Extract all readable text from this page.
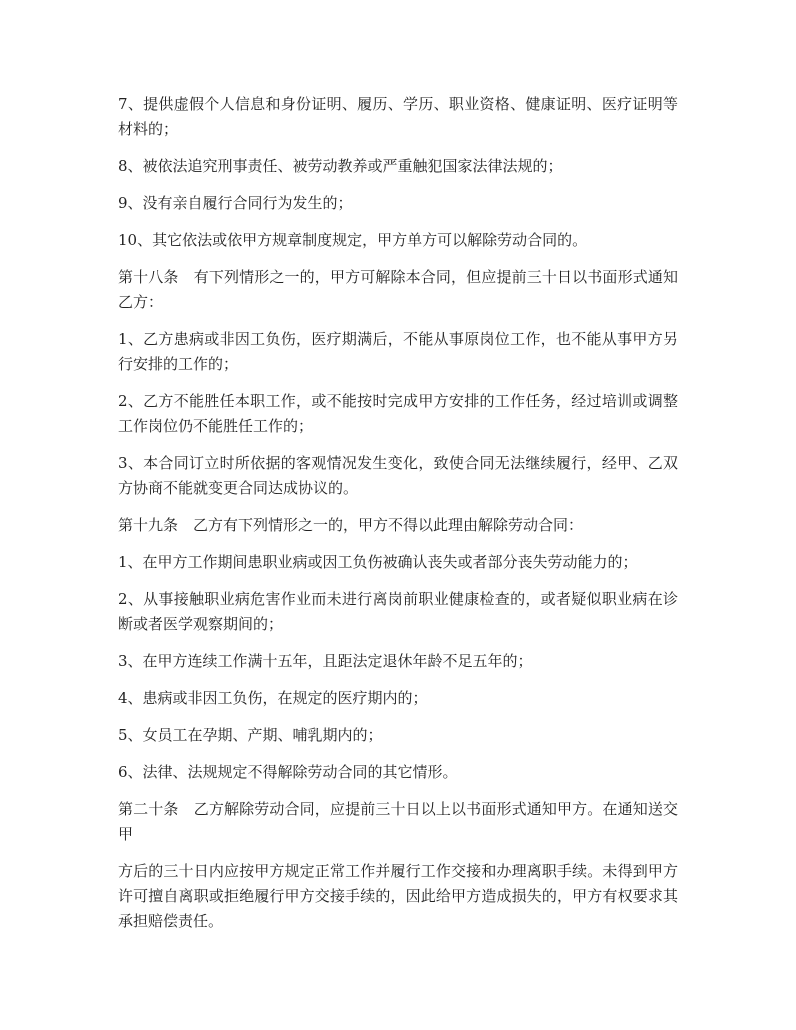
7、提供虚假个人信息和身份证明、履历、学历、职业资格、健康证明、医疗证明等材料的；

8、被依法追究刑事责任、被劳动教养或严重触犯国家法律法规的；

9、没有亲自履行合同行为发生的；

10、其它依法或依甲方规章制度规定，甲方单方可以解除劳动合同的。

第十八条　有下列情形之一的，甲方可解除本合同，但应提前三十日以书面形式通知乙方：

1、乙方患病或非因工负伤，医疗期满后，不能从事原岗位工作，也不能从事甲方另行安排的工作的；

2、乙方不能胜任本职工作，或不能按时完成甲方安排的工作任务，经过培训或调整工作岗位仍不能胜任工作的；

3、本合同订立时所依据的客观情况发生变化，致使合同无法继续履行，经甲、乙双方协商不能就变更合同达成协议的。

第十九条　乙方有下列情形之一的，甲方不得以此理由解除劳动合同：

1、在甲方工作期间患职业病或因工负伤被确认丧失或者部分丧失劳动能力的；

2、从事接触职业病危害作业而未进行离岗前职业健康检查的，或者疑似职业病在诊断或者医学观察期间的；

3、在甲方连续工作满十五年，且距法定退休年龄不足五年的；

4、患病或非因工负伤，在规定的医疗期内的；

5、女员工在孕期、产期、哺乳期内的；

6、法律、法规规定不得解除劳动合同的其它情形。

第二十条　乙方解除劳动合同，应提前三十日以上以书面形式通知甲方。在通知送交甲

方后的三十日内应按甲方规定正常工作并履行工作交接和办理离职手续。未得到甲方许可擅自离职或拒绝履行甲方交接手续的，因此给甲方造成损失的，甲方有权要求其承担赔偿责任。
